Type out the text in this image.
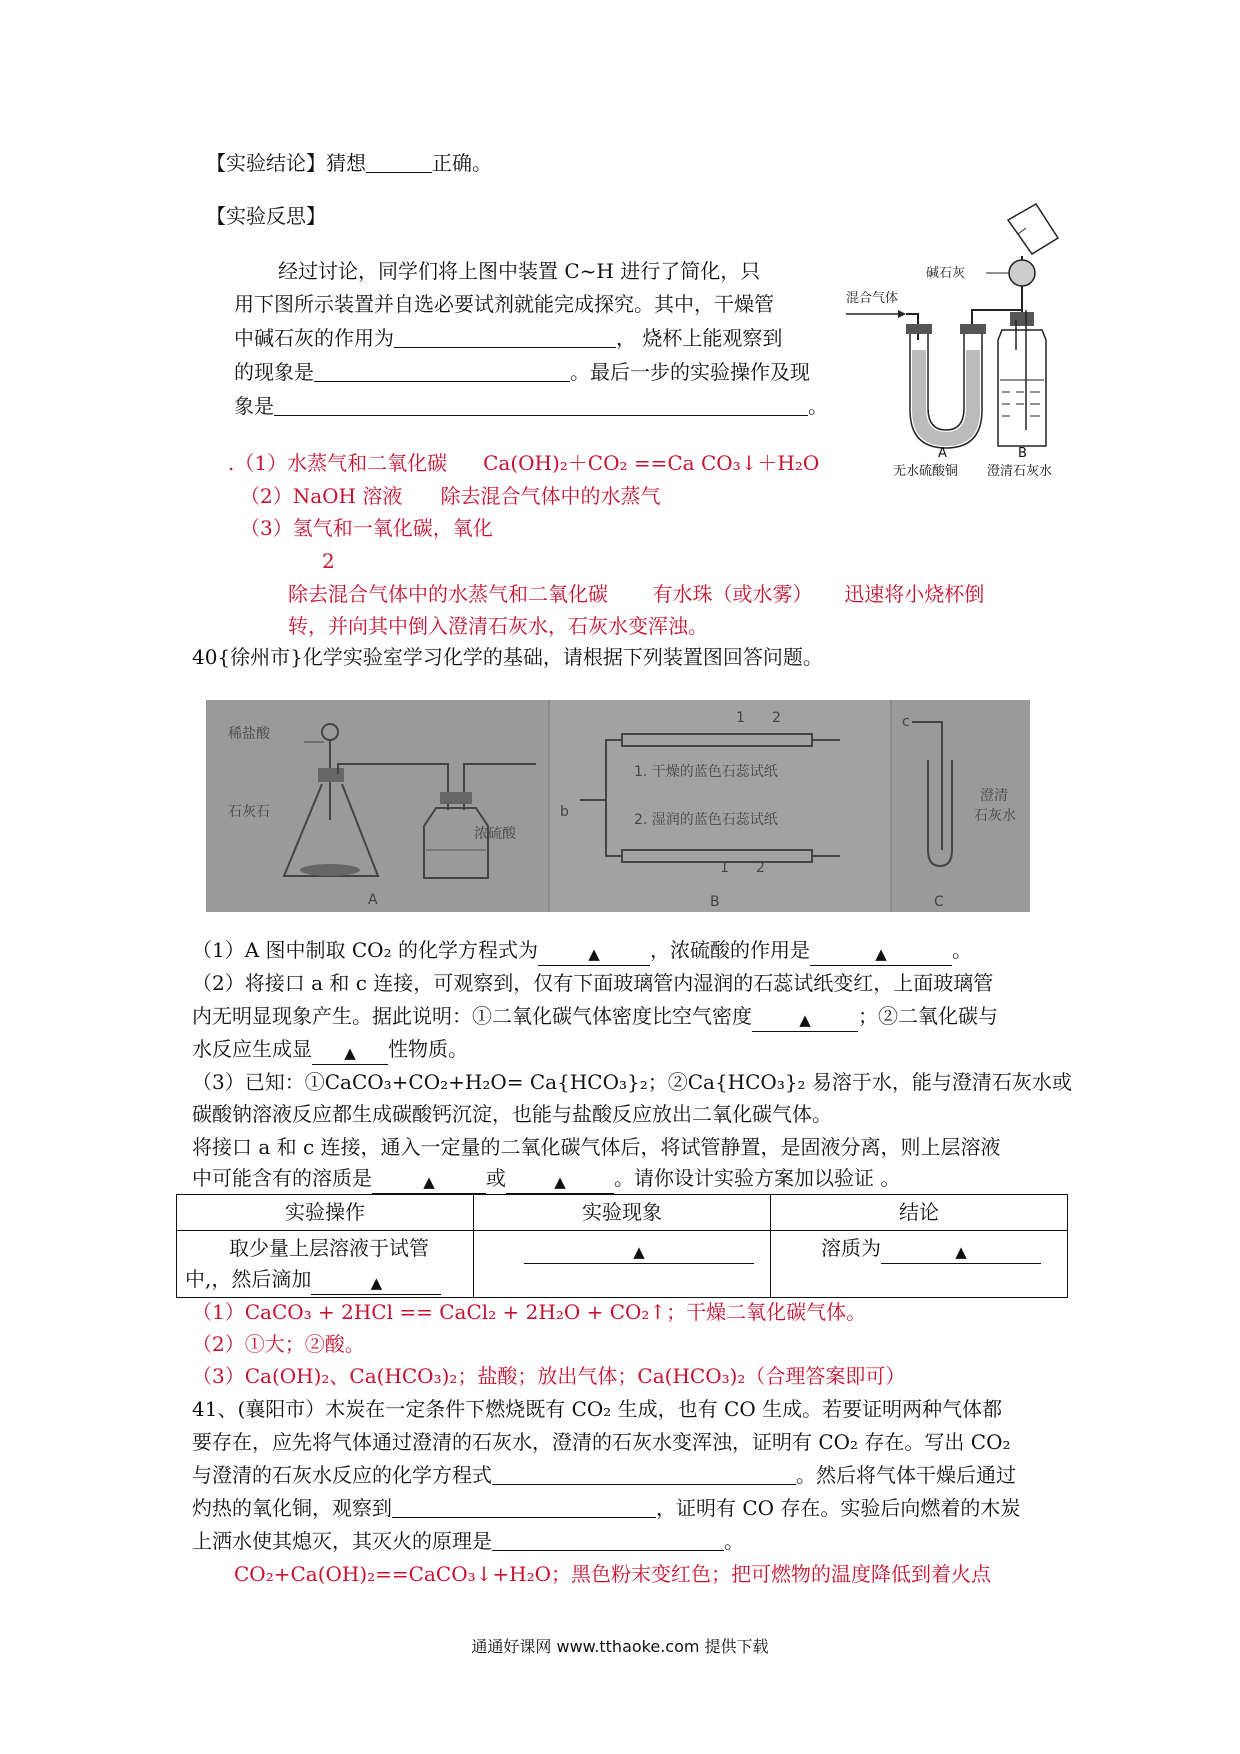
【实验结论】猜想	正确。
【实验反思】
经过讨论，同学们将上图中装置 C~H 进行了简化，只
用下图所示装置并自选必要试剂就能完成探究。其中，干燥管
中碱石灰的作用为	， 烧杯上能观察到
的现象是	。最后一步的实验操作及现
象是	。
碱石灰
混合气体
A	B
无水硫酸铜 澄清石灰水
.（1）水蒸气和二氧化碳 Ca(OH)₂＋CO₂ ==Ca CO₃↓＋H₂O
（2）NaOH 溶液      除去混合气体中的水蒸气
（3）氢气和一氧化碳，氧化
2
除去混合气体中的水蒸气和二氧化碳       有水珠（或水雾）     迅速将小烧杯倒
转，并向其中倒入澄清石灰水，石灰水变浑浊。
40{徐州市}化学实验室学习化学的基础，请根据下列装置图回答问题。
稀盐酸
石灰石
浓硫酸
A
1 2
b
1. 干燥的蓝色石蕊试纸
2. 湿润的蓝色石蕊试纸
1 2
B
c
澄清
石灰水
C
（1）A 图中制取 CO₂ 的化学方程式为	▲	，浓硫酸的作用是	▲	。
（2）将接口 a 和 c 连接，可观察到，仅有下面玻璃管内湿润的石蕊试纸变红，上面玻璃管
内无明显现象产生。据此说明：①二氧化碳气体密度比空气密度	▲ ；②二氧化碳与
水反应生成显 ▲ 性物质。
（3）已知：①CaCO₃+CO₂+H₂O= Ca{HCO₃}₂；②Ca{HCO₃}₂ 易溶于水，能与澄清石灰水或
碳酸钠溶液反应都生成碳酸钙沉淀，也能与盐酸反应放出二氧化碳气体。
将接口 a 和 c 连接，通入一定量的二氧化碳气体后，将试管静置，是固液分离，则上层溶液
中可能含有的溶质是	▲	或	▲ 。请你设计实验方案加以验证 。
实验操作	实验现象	结论

取少量上层溶液于试管
中,，然后滴加 ▲	▲	溶质为 ▲
（1）CaCO₃ + 2HCl == CaCl₂ + 2H₂O + CO₂↑；干燥二氧化碳气体。
（2）①大；②酸。
（3）Ca(OH)₂、Ca(HCO₃)₂；盐酸；放出气体；Ca(HCO₃)₂（合理答案即可）
41、(襄阳市）木炭在一定条件下燃烧既有 CO₂ 生成，也有 CO 生成。若要证明两种气体都
要存在，应先将气体通过澄清的石灰水，澄清的石灰水变浑浊，证明有 CO₂ 存在。写出 CO₂
与澄清的石灰水反应的化学方程式	。然后将气体干燥后通过
灼热的氧化铜，观察到	，证明有 CO 存在。实验后向燃着的木炭
上洒水使其熄灭，其灭火的原理是	。
CO₂+Ca(OH)₂==CaCO₃↓+H₂O；黑色粉末变红色；把可燃物的温度降低到着火点
通通好课网 www.tthaoke.com 提供下载
